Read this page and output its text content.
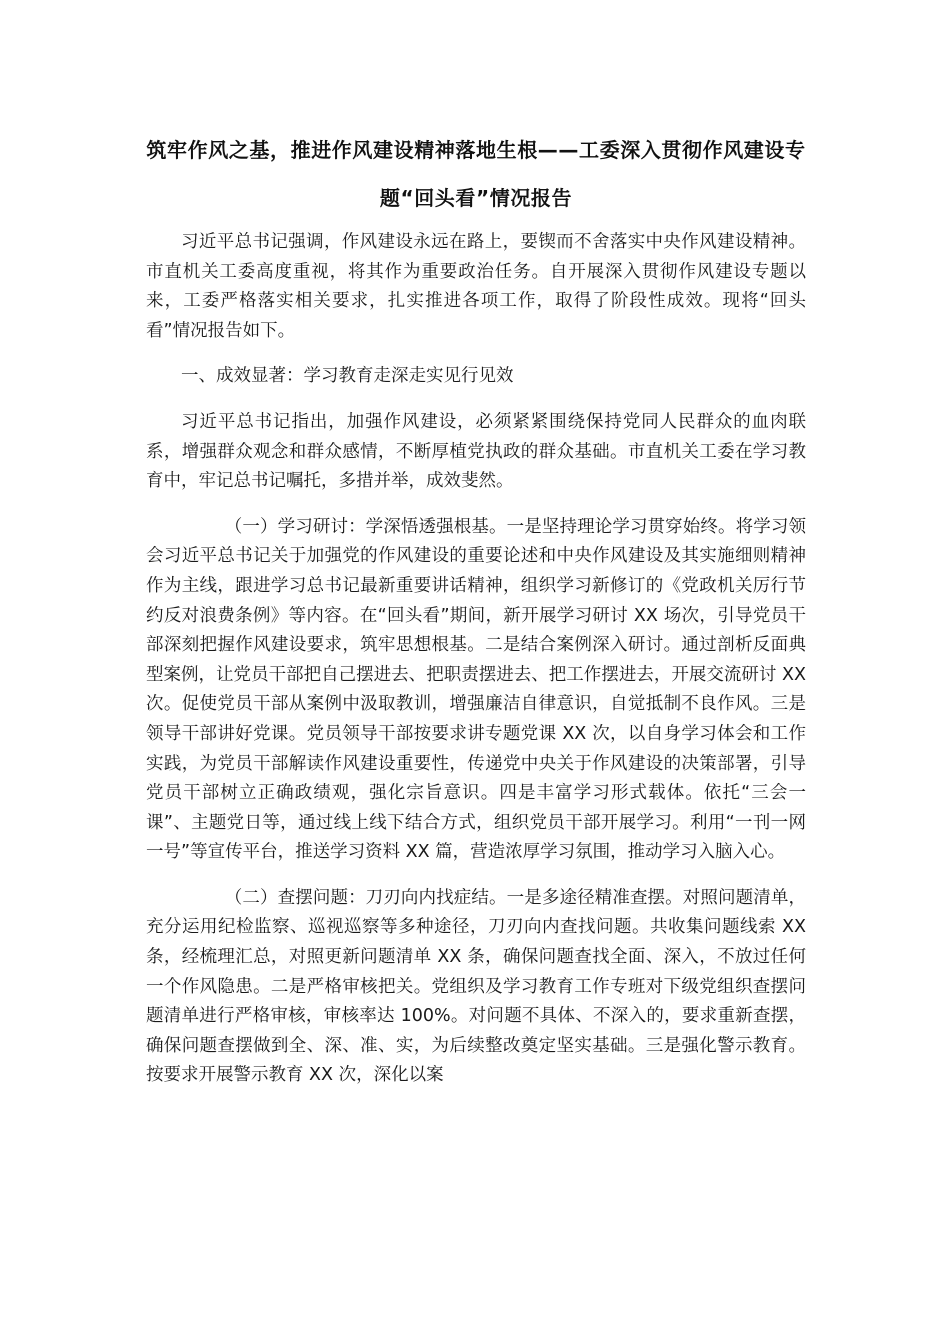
筑牢作风之基，推进作风建设精神落地生根——工委深入贯彻作风建设专题“回头看”情况报告

习近平总书记强调，作风建设永远在路上，要锲而不舍落实中央作风建设精神。市直机关工委高度重视，将其作为重要政治任务。自开展深入贯彻作风建设专题以来，工委严格落实相关要求，扎实推进各项工作，取得了阶段性成效。现将“回头看”情况报告如下。

一、成效显著：学习教育走深走实见行见效

习近平总书记指出，加强作风建设，必须紧紧围绕保持党同人民群众的血肉联系，增强群众观念和群众感情，不断厚植党执政的群众基础。市直机关工委在学习教育中，牢记总书记嘱托，多措并举，成效斐然。

（一）学习研讨：学深悟透强根基。一是坚持理论学习贯穿始终。将学习领会习近平总书记关于加强党的作风建设的重要论述和中央作风建设及其实施细则精神作为主线，跟进学习总书记最新重要讲话精神，组织学习新修订的《党政机关厉行节约反对浪费条例》等内容。在“回头看”期间，新开展学习研讨 XX 场次，引导党员干部深刻把握作风建设要求，筑牢思想根基。二是结合案例深入研讨。通过剖析反面典型案例，让党员干部把自己摆进去、把职责摆进去、把工作摆进去，开展交流研讨 XX 次。促使党员干部从案例中汲取教训，增强廉洁自律意识，自觉抵制不良作风。三是领导干部讲好党课。党员领导干部按要求讲专题党课 XX 次，以自身学习体会和工作实践，为党员干部解读作风建设重要性，传递党中央关于作风建设的决策部署，引导党员干部树立正确政绩观，强化宗旨意识。四是丰富学习形式载体。依托“三会一课”、主题党日等，通过线上线下结合方式，组织党员干部开展学习。利用“一刊一网一号”等宣传平台，推送学习资料 XX 篇，营造浓厚学习氛围，推动学习入脑入心。

（二）查摆问题：刀刃向内找症结。一是多途径精准查摆。对照问题清单，充分运用纪检监察、巡视巡察等多种途径，刀刃向内查找问题。共收集问题线索 XX 条，经梳理汇总，对照更新问题清单 XX 条，确保问题查找全面、深入，不放过任何一个作风隐患。二是严格审核把关。党组织及学习教育工作专班对下级党组织查摆问题清单进行严格审核，审核率达 100%。对问题不具体、不深入的，要求重新查摆，确保问题查摆做到全、深、准、实，为后续整改奠定坚实基础。三是强化警示教育。按要求开展警示教育 XX 次，深化以案
